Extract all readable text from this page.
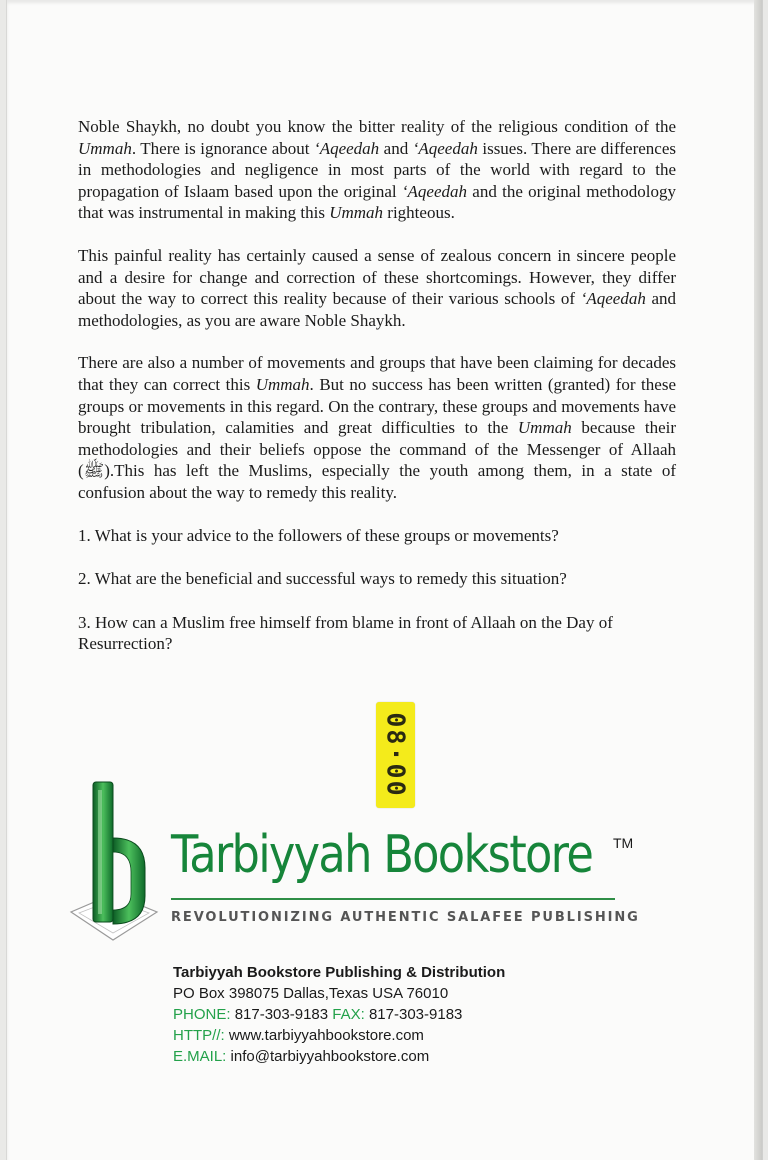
Noble Shaykh, no doubt you know the bitter reality of the religious condition of the Ummah. There is ignorance about ‘Aqeedah and ‘Aqeedah issues. There are differences in methodologies and negligence in most parts of the world with regard to the propagation of Islaam based upon the original ‘Aqeedah and the original methodology that was instrumental in making this Ummah righteous.

This painful reality has certainly caused a sense of zealous concern in sincere people and a desire for change and correction of these shortcomings. However, they differ about the way to correct this reality because of their various schools of ‘Aqeedah and methodologies, as you are aware Noble Shaykh.

There are also a number of movements and groups that have been claiming for decades that they can correct this Ummah. But no success has been written (granted) for these groups or movements in this regard. On the contrary, these groups and movements have brought tribulation, calamities and great difficulties to the Ummah because their methodologies and their beliefs oppose the command of the Messenger of Allaah (ﷺ).This has left the Muslims, especially the youth among them, in a state of confusion about the way to remedy this reality.

1. What is your advice to the followers of these groups or movements?

2. What are the beneficial and successful ways to remedy this situation?

3. How can a Muslim free himself from blame in front of Allaah on the Day of Resurrection?

08·00
Tarbiyyah Bookstore TM
REVOLUTIONIZING AUTHENTIC SALAFEE PUBLISHING
Tarbiyyah Bookstore Publishing & Distribution
PO Box 398075 Dallas,Texas USA 76010
PHONE: 817-303-9183 FAX: 817-303-9183
HTTP//: www.tarbiyyahbookstore.com
E.MAIL: info@tarbiyyahbookstore.com
